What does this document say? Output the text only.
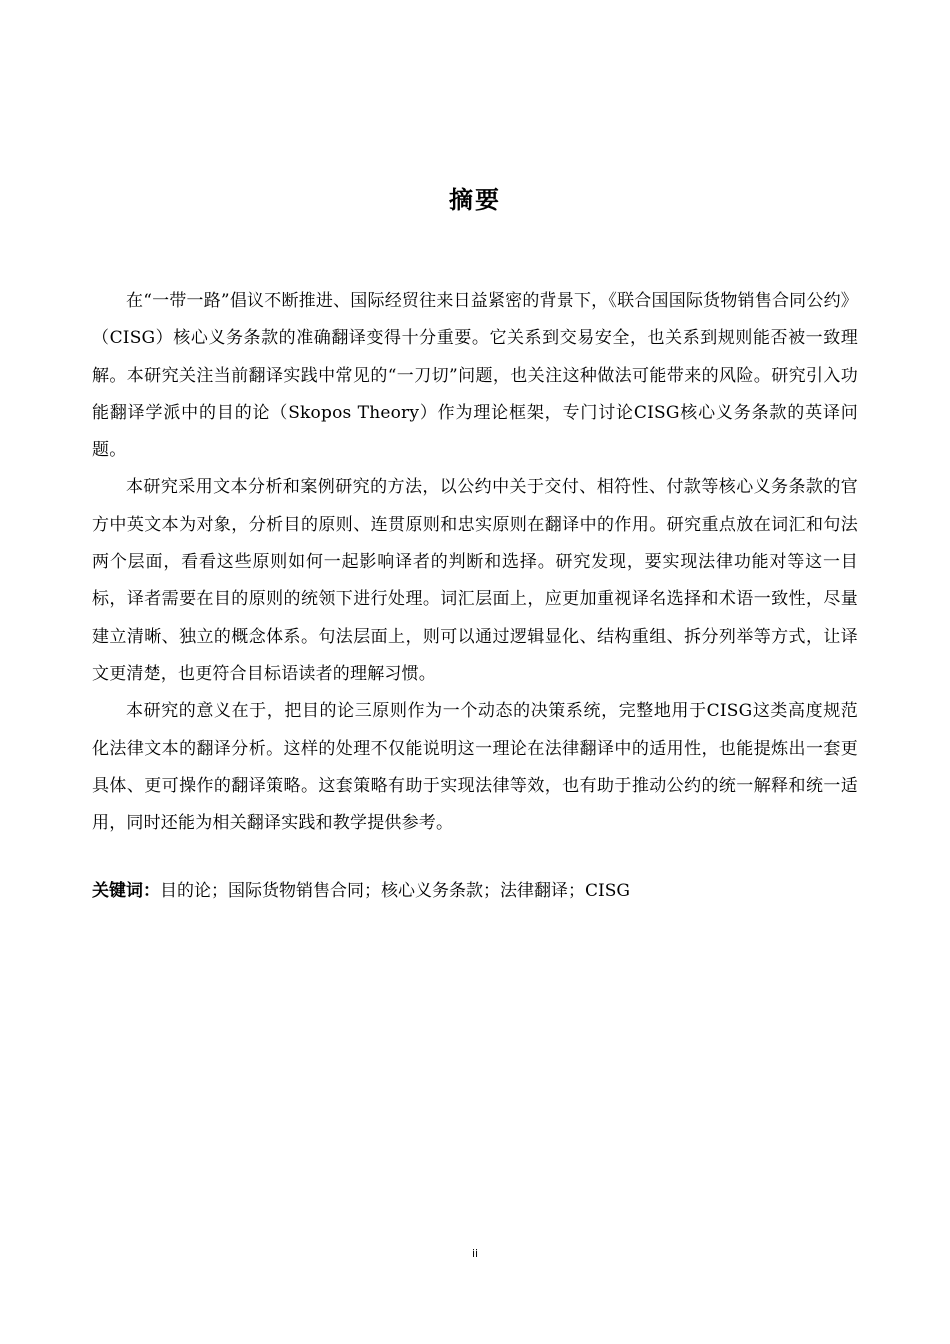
摘要

在“一带一路”倡议不断推进、国际经贸往来日益紧密的背景下，《联合国国际货物销售合同公约》（CISG）核心义务条款的准确翻译变得十分重要。它关系到交易安全，也关系到规则能否被一致理解。本研究关注当前翻译实践中常见的“一刀切”问题，也关注这种做法可能带来的风险。研究引入功能翻译学派中的目的论（Skopos Theory）作为理论框架，专门讨论CISG核心义务条款的英译问题。

本研究采用文本分析和案例研究的方法，以公约中关于交付、相符性、付款等核心义务条款的官方中英文本为对象，分析目的原则、连贯原则和忠实原则在翻译中的作用。研究重点放在词汇和句法两个层面，看看这些原则如何一起影响译者的判断和选择。研究发现，要实现法律功能对等这一目标，译者需要在目的原则的统领下进行处理。词汇层面上，应更加重视译名选择和术语一致性，尽量建立清晰、独立的概念体系。句法层面上，则可以通过逻辑显化、结构重组、拆分列举等方式，让译文更清楚，也更符合目标语读者的理解习惯。

本研究的意义在于，把目的论三原则作为一个动态的决策系统，完整地用于CISG这类高度规范化法律文本的翻译分析。这样的处理不仅能说明这一理论在法律翻译中的适用性，也能提炼出一套更具体、更可操作的翻译策略。这套策略有助于实现法律等效，也有助于推动公约的统一解释和统一适用，同时还能为相关翻译实践和教学提供参考。

关键词：目的论；国际货物销售合同；核心义务条款；法律翻译；CISG
ii
